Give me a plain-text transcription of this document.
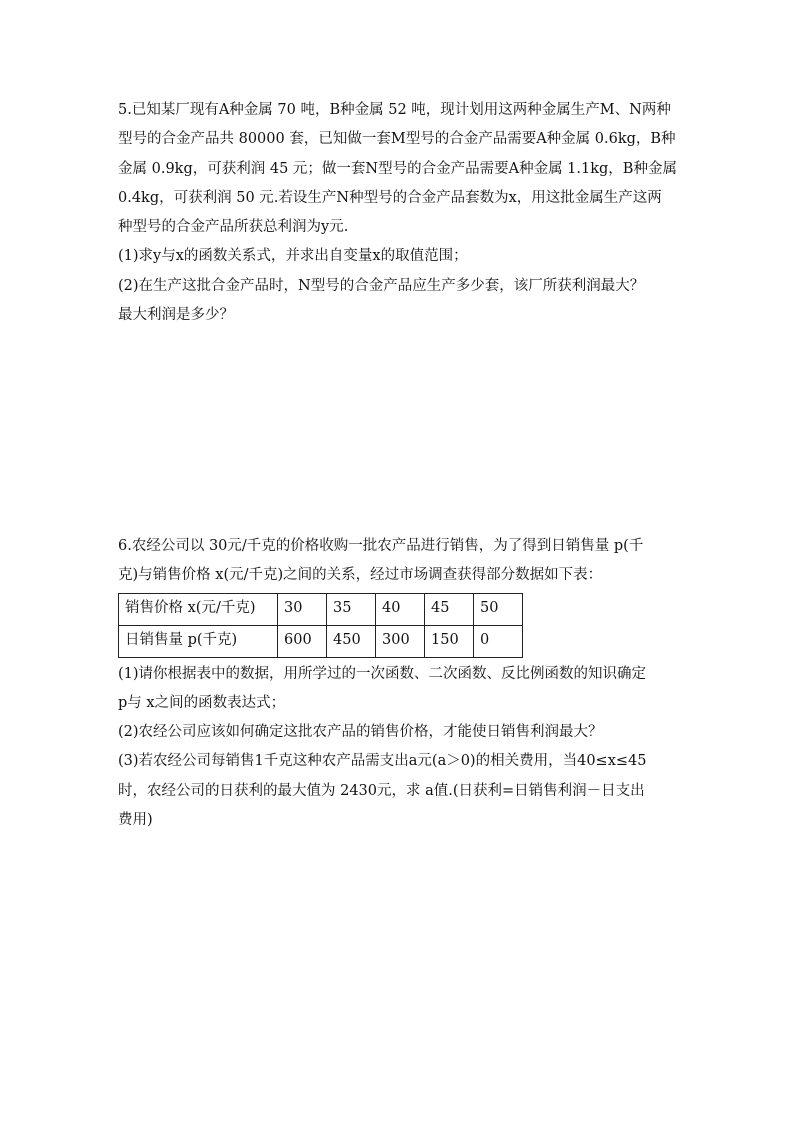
5.已知某厂现有A种金属 70 吨，B种金属 52 吨，现计划用这两种金属生产M、N两种
型号的合金产品共 80000 套，已知做一套M型号的合金产品需要A种金属 0.6kg，B种
金属 0.9kg，可获利润 45 元；做一套N型号的合金产品需要A种金属 1.1kg，B种金属
0.4kg，可获利润 50 元.若设生产N种型号的合金产品套数为x，用这批金属生产这两
种型号的合金产品所获总利润为y元.
(1)求y与x的函数关系式，并求出自变量x的取值范围；
(2)在生产这批合金产品时，N型号的合金产品应生产多少套，该厂所获利润最大？
最大利润是多少？
6.农经公司以 30元/千克的价格收购一批农产品进行销售，为了得到日销售量 p(千
克)与销售价格 x(元/千克)之间的关系，经过市场调查获得部分数据如下表：
销售价格 x(元/千克)	30	35	40	45	50
日销售量 p(千克)	600	450	300	150	0
(1)请你根据表中的数据，用所学过的一次函数、二次函数、反比例函数的知识确定
p与 x之间的函数表达式；
(2)农经公司应该如何确定这批农产品的销售价格，才能使日销售利润最大？
(3)若农经公司每销售1千克这种农产品需支出a元(a＞0)的相关费用，当40≤x≤45
时，农经公司的日获利的最大值为 2430元，求 a值.(日获利=日销售利润－日支出
费用)
